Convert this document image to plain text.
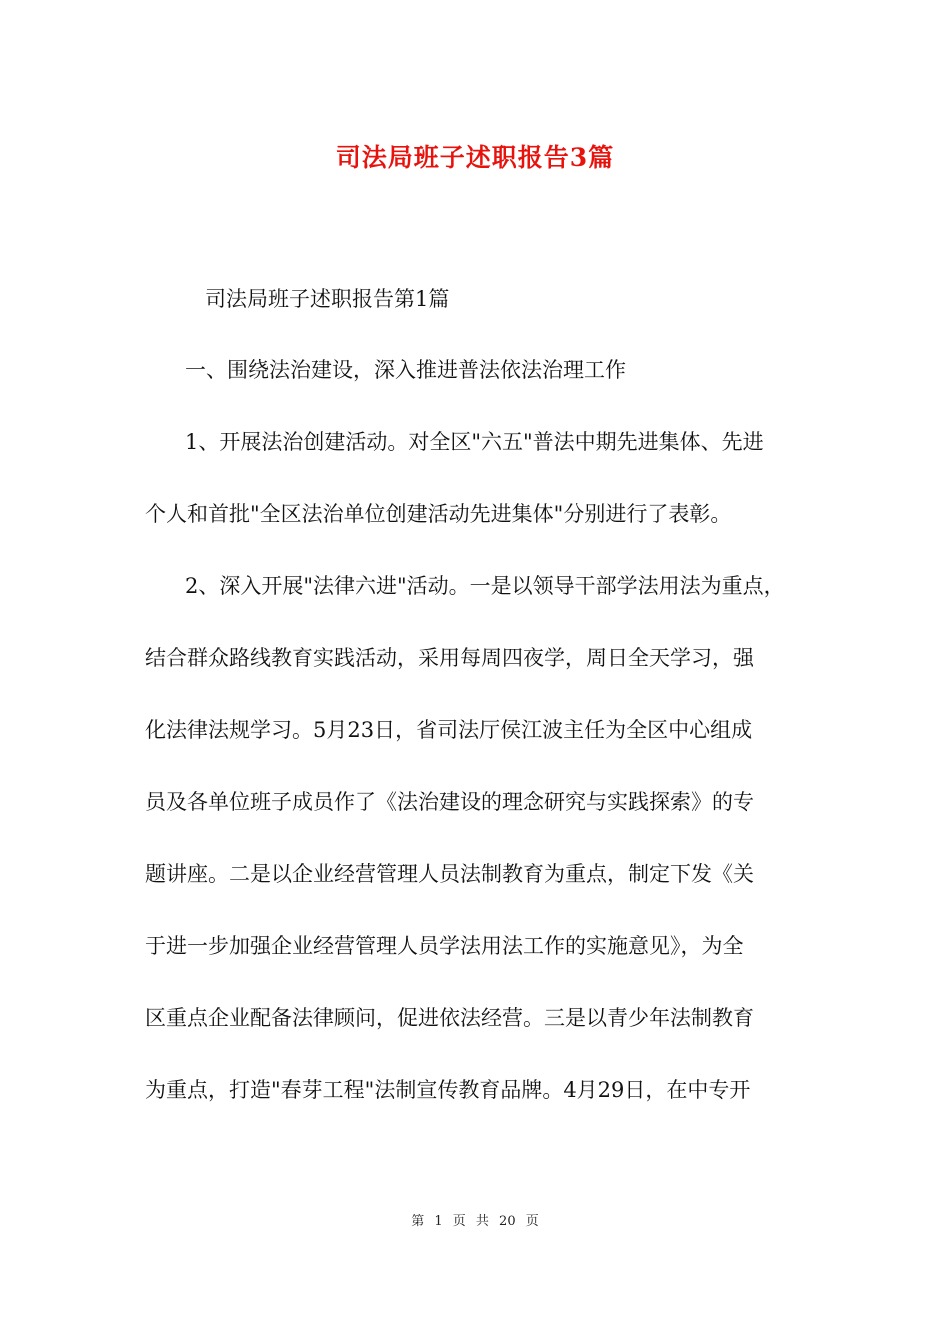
司法局班子述职报告3篇
司法局班子述职报告第1篇
一、围绕法治建设，深入推进普法依法治理工作
1、开展法治创建活动。对全区"六五"普法中期先进集体、先进
个人和首批"全区法治单位创建活动先进集体"分别进行了表彰。
2、深入开展"法律六进"活动。一是以领导干部学法用法为重点，
结合群众路线教育实践活动，采用每周四夜学，周日全天学习，强
化法律法规学习。5月23日，省司法厅侯江波主任为全区中心组成
员及各单位班子成员作了《法治建设的理念研究与实践探索》的专
题讲座。二是以企业经营管理人员法制教育为重点，制定下发《关
于进一步加强企业经营管理人员学法用法工作的实施意见》，为全
区重点企业配备法律顾问，促进依法经营。三是以青少年法制教育
为重点，打造"春芽工程"法制宣传教育品牌。4月29日，在中专开
第 1 页 共 20 页
